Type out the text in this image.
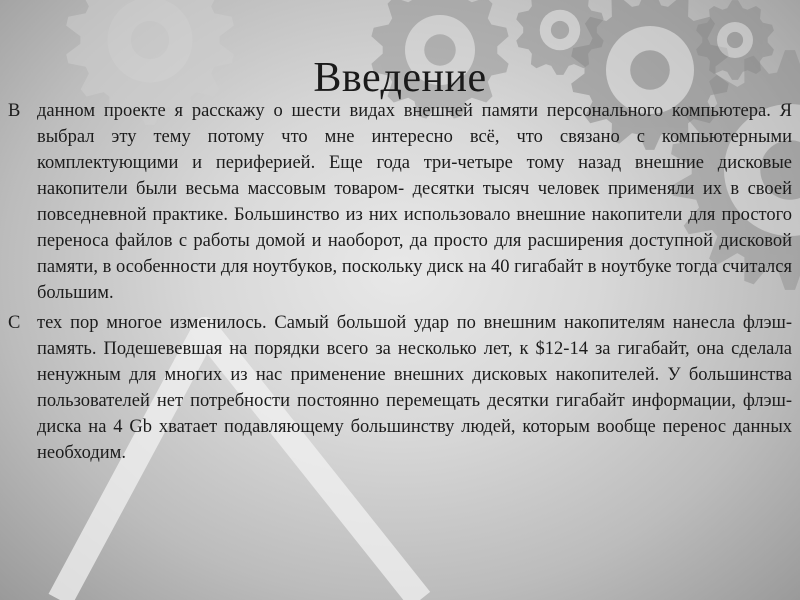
Введение

В данном проекте я расскажу о шести видах внешней памяти персонального компьютера. Я выбрал эту тему потому что мне интересно всё, что связано с компьютерными комплектующими и периферией. Еще года три-четыре тому назад внешние дисковые накопители были весьма массовым товаром- десятки тысяч человек применяли их в своей повседневной практике. Большинство из них использовало внешние накопители для простого переноса файлов с работы домой и наоборот, да просто для расширения доступной дисковой памяти, в особенности для ноутбуков, поскольку диск на 40 гигабайт в ноутбуке тогда считался большим.

С тех пор многое изменилось. Самый большой удар по внешним накопителям нанесла флэш-память. Подешевевшая на порядки всего за несколько лет, к $12-14 за гигабайт, она сделала ненужным для многих из нас применение внешних дисковых накопителей. У большинства пользователей нет потребности постоянно перемещать десятки гигабайт информации, флэш-диска на 4 Gb хватает подавляющему большинству людей, которым вообще перенос данных необходим.
